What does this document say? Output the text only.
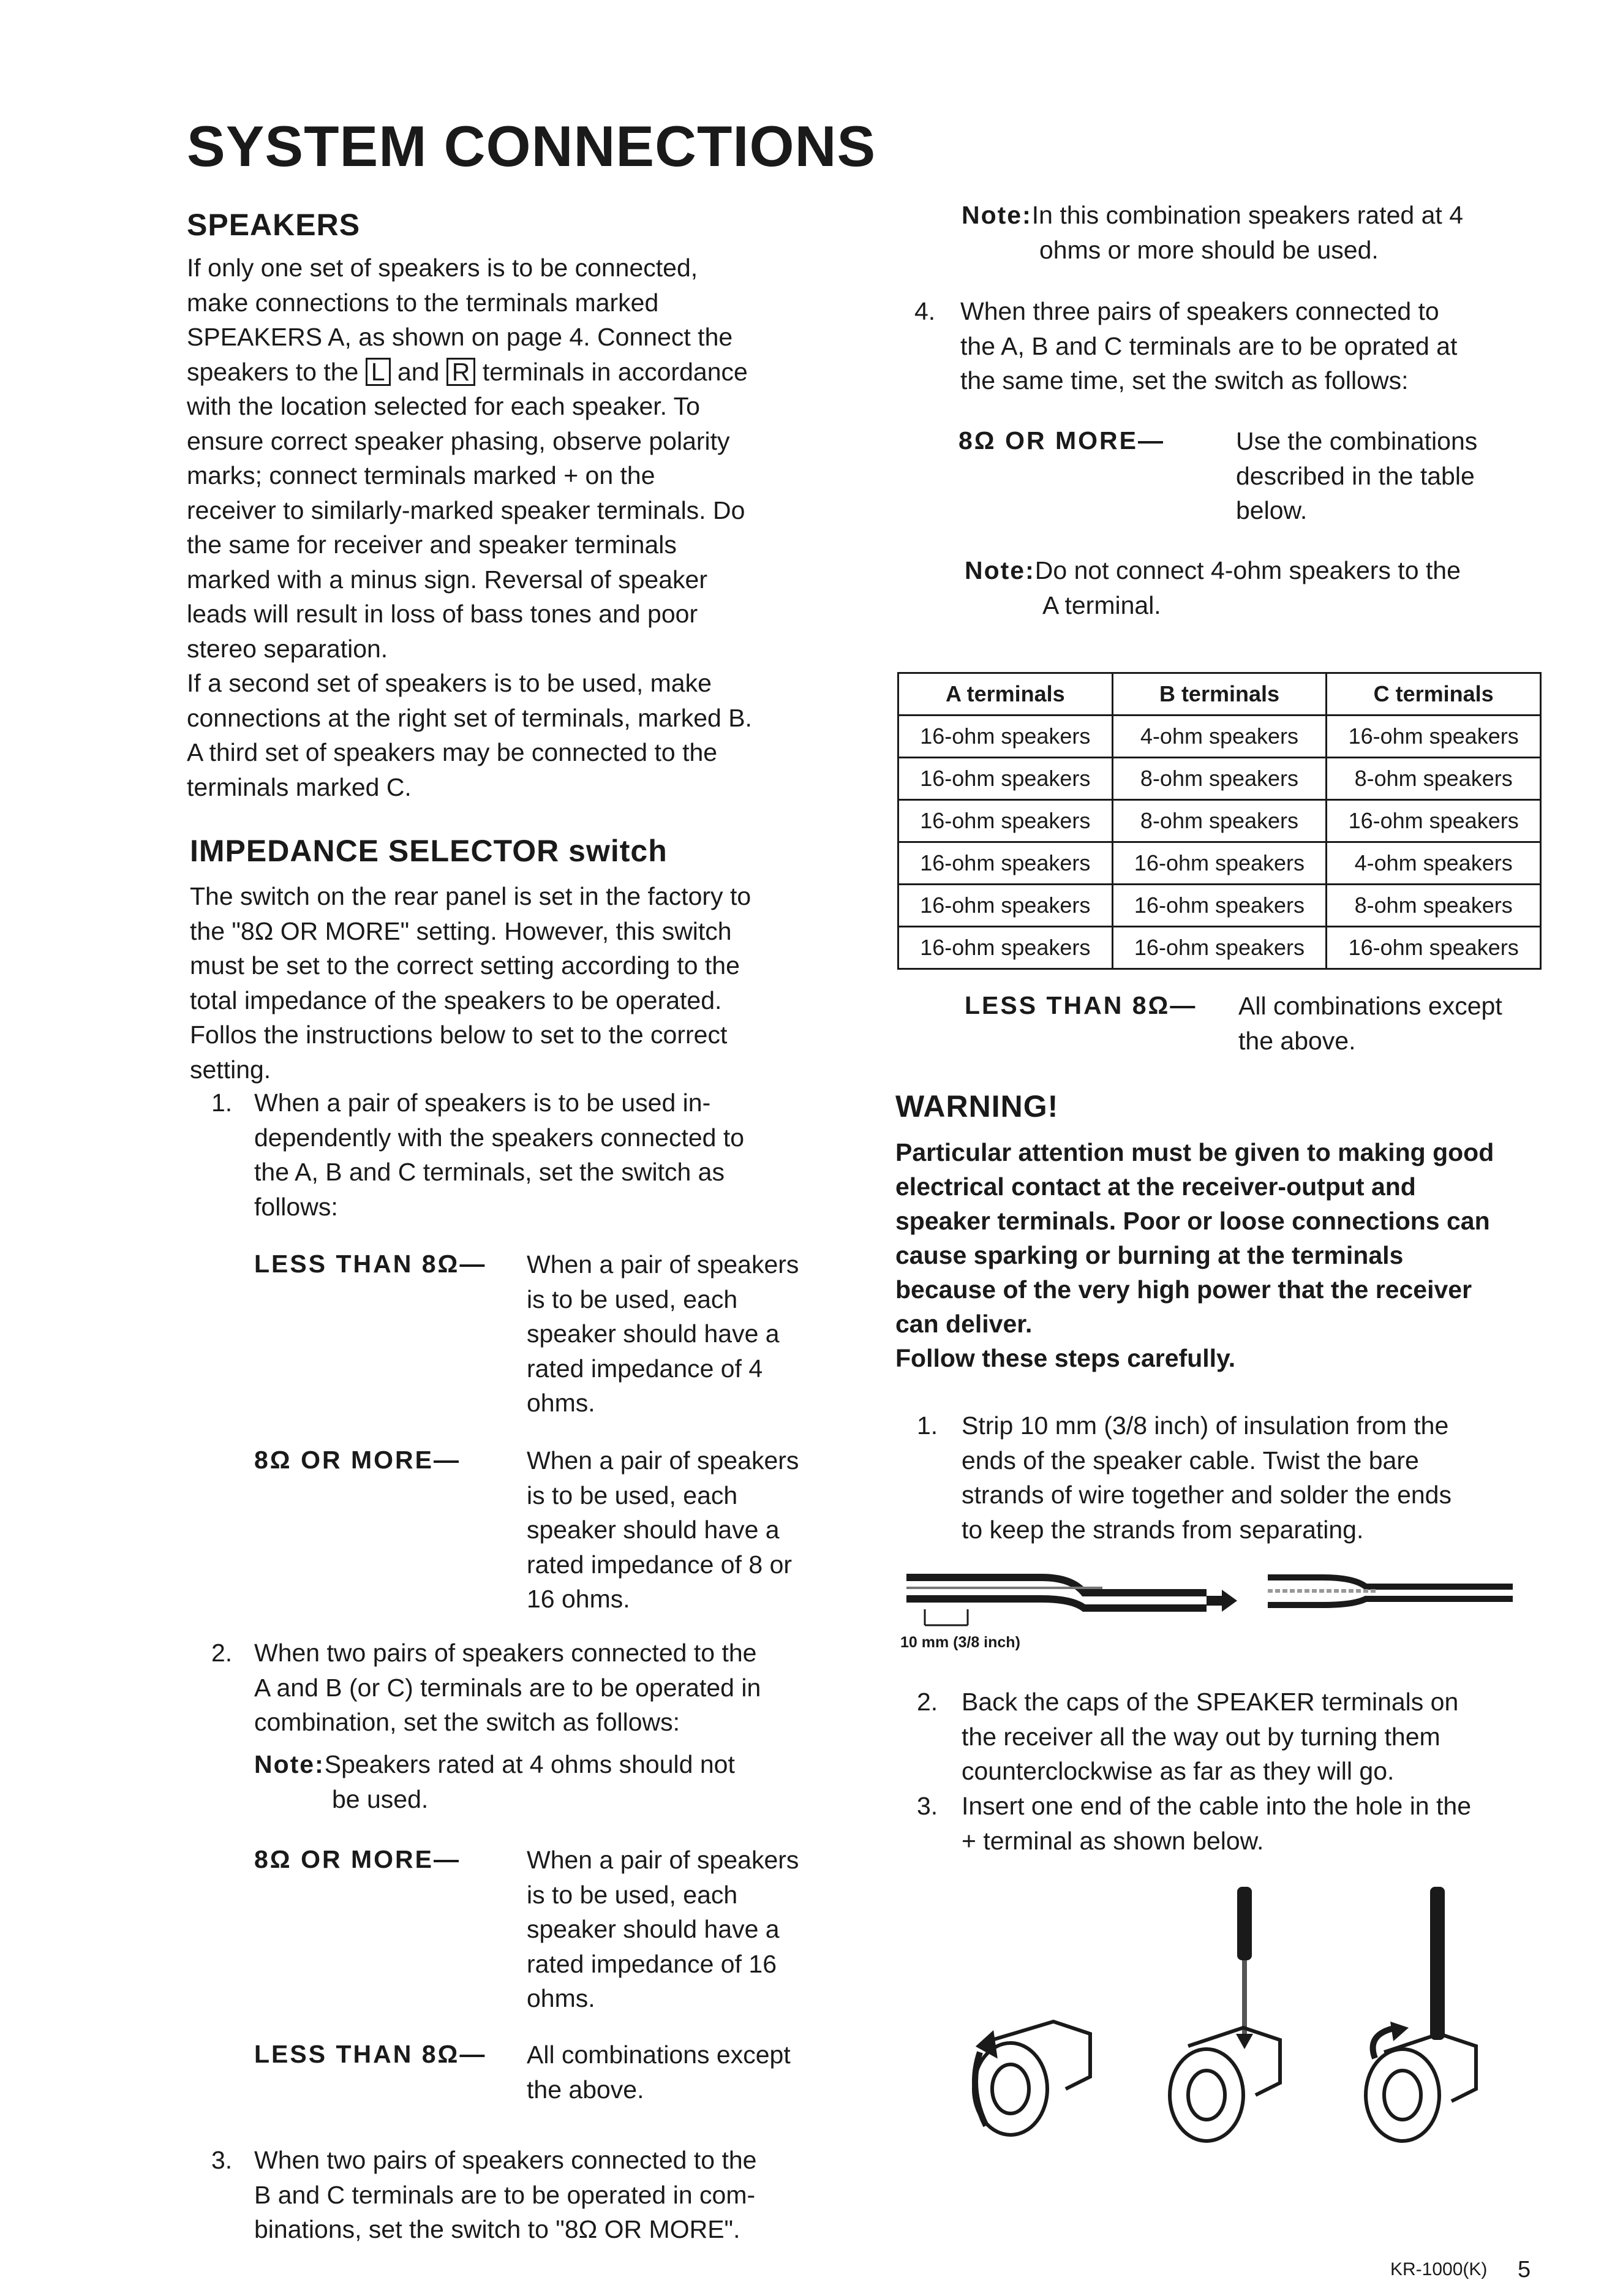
SYSTEM CONNECTIONS
SPEAKERS
If only one set of speakers is to be connected,
make connections to the terminals marked
SPEAKERS A, as shown on page 4. Connect the
speakers to the L and R terminals in accordance
with the location selected for each speaker. To
ensure correct speaker phasing, observe polarity
marks; connect terminals marked + on the
receiver to similarly-marked speaker terminals. Do
the same for receiver and speaker terminals
marked with a minus sign. Reversal of speaker
leads will result in loss of bass tones and poor
stereo separation.
If a second set of speakers is to be used, make
connections at the right set of terminals, marked B.
A third set of speakers may be connected to the
terminals marked C.
IMPEDANCE SELECTOR switch
The switch on the rear panel is set in the factory to
the "8Ω OR MORE" setting. However, this switch
must be set to the correct setting according to the
total impedance of the speakers to be operated.
Follos the instructions below to set to the correct
setting.
1. When a pair of speakers is to be used in-
dependently with the speakers connected to
the A, B and C terminals, set the switch as
follows:
LESS THAN 8Ω— When a pair of speakers
is to be used, each
speaker should have a
rated impedance of 4
ohms.
8Ω OR MORE—	When a pair of speakers
is to be used, each
speaker should have a
rated impedance of 8 or
16 ohms.
2. When two pairs of speakers connected to the
A and B (or C) terminals are to be operated in
combination, set the switch as follows:
Note:Speakers rated at 4 ohms should not
be used.
8Ω OR MORE—	When a pair of speakers
is to be used, each
speaker should have a
rated impedance of 16
ohms.
LESS THAN 8Ω— All combinations except
the above.
3. When two pairs of speakers connected to the
B and C terminals are to be operated in com-
binations, set the switch to "8Ω OR MORE".
Note:In this combination speakers rated at 4
ohms or more should be used.
4. When three pairs of speakers connected to
the A, B and C terminals are to be oprated at
the same time, set the switch as follows:
8Ω OR MORE—	Use the combinations
described in the table
below.
Note:Do not connect 4-ohm speakers to the
A terminal.
A terminals	B terminals	C terminals
16-ohm speakers	4-ohm speakers	16-ohm speakers
16-ohm speakers	8-ohm speakers	8-ohm speakers
16-ohm speakers	8-ohm speakers	16-ohm speakers
16-ohm speakers	16-ohm speakers	4-ohm speakers
16-ohm speakers	16-ohm speakers	8-ohm speakers
16-ohm speakers	16-ohm speakers	16-ohm speakers
LESS THAN 8Ω— All combinations except
the above.
WARNING!
Particular attention must be given to making good
electrical contact at the receiver-output and
speaker terminals. Poor or loose connections can
cause sparking or burning at the terminals
because of the very high power that the receiver
can deliver.
Follow these steps carefully.
1. Strip 10 mm (3/8 inch) of insulation from the
ends of the speaker cable. Twist the bare
strands of wire together and solder the ends
to keep the strands from separating.
10 mm (3/8 inch)
2. Back the caps of the SPEAKER terminals on
the receiver all the way out by turning them
counterclockwise as far as they will go.
3. Insert one end of the cable into the hole in the
+ terminal as shown below.
KR-1000(K) 5
